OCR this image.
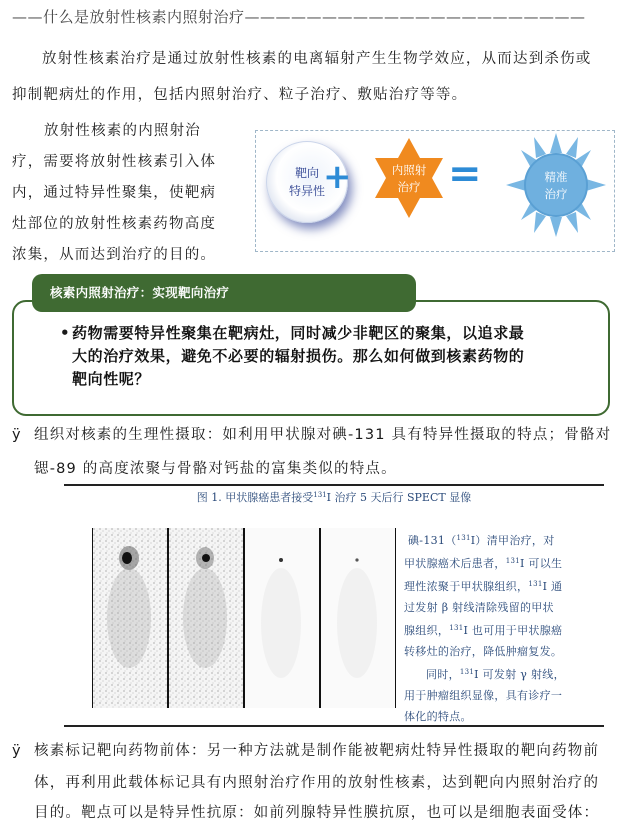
——什么是放射性核素内照射治疗——————————————————————
放射性核素治疗是通过放射性核素的电离辐射产生生物学效应，从而达到杀伤或
抑制靶病灶的作用，包括内照射治疗、粒子治疗、敷贴治疗等等。
放射性核素的内照射治
疗，需要将放射性核素引入体
内，通过特异性聚集，使靶病
灶部位的放射性核素药物高度
浓集，从而达到治疗的目的。
靶向
特异性
+	内照射
治疗 =	精准
治疗
核素内照射治疗：实现靶向治疗
• 药物需要特异性聚集在靶病灶，同时减少非靶区的聚集，以追求最
大的治疗效果，避免不必要的辐射损伤。那么如何做到核素药物的
靶向性呢？
ÿ 组织对核素的生理性摄取：如利用甲状腺对碘-131 具有特异性摄取的特点；骨骼对
锶-89 的高度浓聚与骨骼对钙盐的富集类似的特点。
图 1. 甲状腺癌患者接受$^{131}$I 治疗 5 天后行 SPECT 显像
碘-131（$^{131}$I）清甲治疗，对
甲状腺癌术后患者，$^{131}$I 可以生
理性浓聚于甲状腺组织，$^{131}$I 通
过发射 β 射线清除残留的甲状
腺组织，$^{131}$I 也可用于甲状腺癌
转移灶的治疗，降低肿瘤复发。
同时，$^{131}$I 可发射 γ 射线，
用于肿瘤组织显像，具有诊疗一
体化的特点。
ÿ 核素标记靶向药物前体：另一种方法就是制作能被靶病灶特异性摄取的靶向药物前
体，再利用此载体标记具有内照射治疗作用的放射性核素，达到靶向内照射治疗的
目的。靶点可以是特异性抗原：如前列腺特异性膜抗原，也可以是细胞表面受体：
